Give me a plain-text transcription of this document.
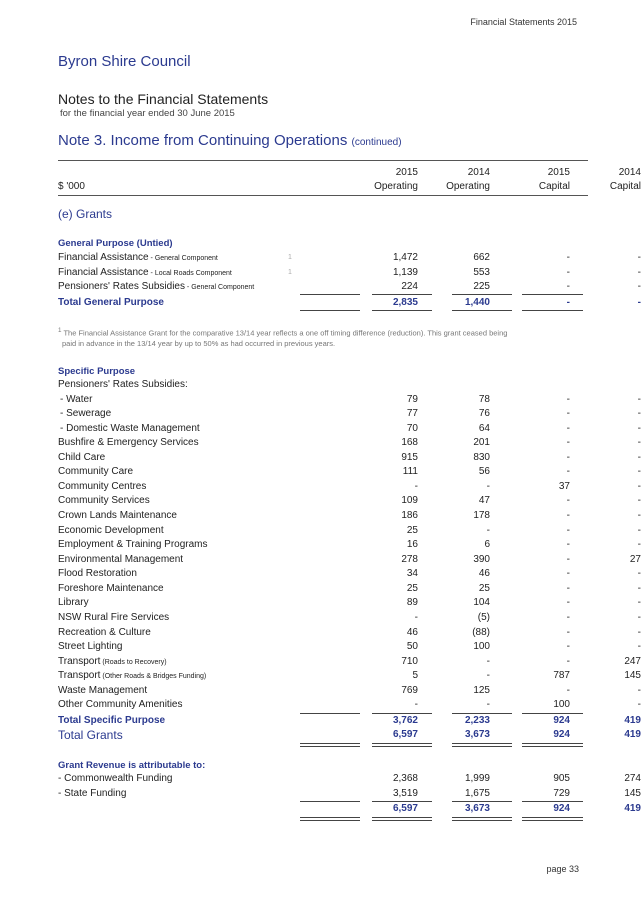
Financial Statements 2015
Byron Shire Council
Notes to the Financial Statements
for the financial year ended 30 June 2015
Note 3. Income from Continuing Operations (continued)
2015	2014	2015	2014
$ '000	Operating	Operating	Capital	Capital
(e) Grants
General Purpose (Untied)
Financial Assistance - General Component	1,472	662	-	-
1
Financial Assistance - Local Roads Component	1,139	553	-	-
1
Pensioners' Rates Subsidies - General Component	224	225	-	-
Total General Purpose	2,835	1,440	-	-
$^1$ The Financial Assistance Grant for the comparative 13/14 year reflects a one off timing difference (reduction). This grant ceased being
paid in advance in the 13/14 year by up to 50% as had occurred in previous years.
Specific Purpose
Pensioners' Rates Subsidies:
- Water	79	78	-	-
- Sewerage	77	76	-	-
- Domestic Waste Management	70	64	-	-
Bushfire & Emergency Services	168	201	-	-
Child Care	915	830	-	-
Community Care	111	56	-	-
Community Centres	-	-	37	-
Community Services	109	47	-	-
Crown Lands Maintenance	186	178	-	-
Economic Development	25	-	-	-
Employment & Training Programs	16	6	-	-
Environmental Management	278	390	-	27
Flood Restoration	34	46	-	-
Foreshore Maintenance	25	25	-	-
Library	89	104	-	-
NSW Rural Fire Services	-	(5)	-	-
Recreation & Culture	46	(88)	-	-
Street Lighting	50	100	-	-
Transport (Roads to Recovery)	710	-	-	247
Transport (Other Roads & Bridges Funding)	5	-	787	145
Waste Management	769	125	-	-
Other Community Amenities	-	-	100	-
Total Specific Purpose	3,762	2,233	924	419
Total Grants	6,597	3,673	924	419
Grant Revenue is attributable to:
- Commonwealth Funding	2,368	1,999	905	274
- State Funding	3,519	1,675	729	145
6,597	3,673	924	419
page 33
